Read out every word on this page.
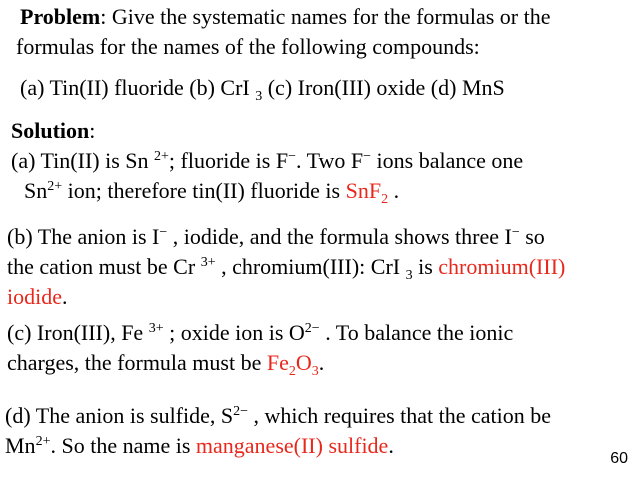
Problem: Give the systematic names for the formulas or the
formulas for the names of the following compounds:
(a) Tin(II) fluoride (b) CrI $_3$ (c) Iron(III) oxide (d) MnS
Solution:
(a) Tin(II) is Sn $^{2+}$; fluoride is F−. Two F− ions balance one
$Sn^{2+}$ ion; therefore tin(II) fluoride is SnF$_2$ .
(b) The anion is I− , iodide, and the formula shows three I− so
the cation must be Cr $^{3+}$ , chromium(III): CrI $_3$ is chromium(III)
iodide.
(c) Iron(III), Fe $^{3+}$ ; oxide ion is $O^{2-}$ . To balance the ionic
charges, the formula must be $Fe_2O_3$.
(d) The anion is sulfide, $S^{2-}$ , which requires that the cation be
$Mn^{2+}$. So the name is manganese(II) sulfide.
60
